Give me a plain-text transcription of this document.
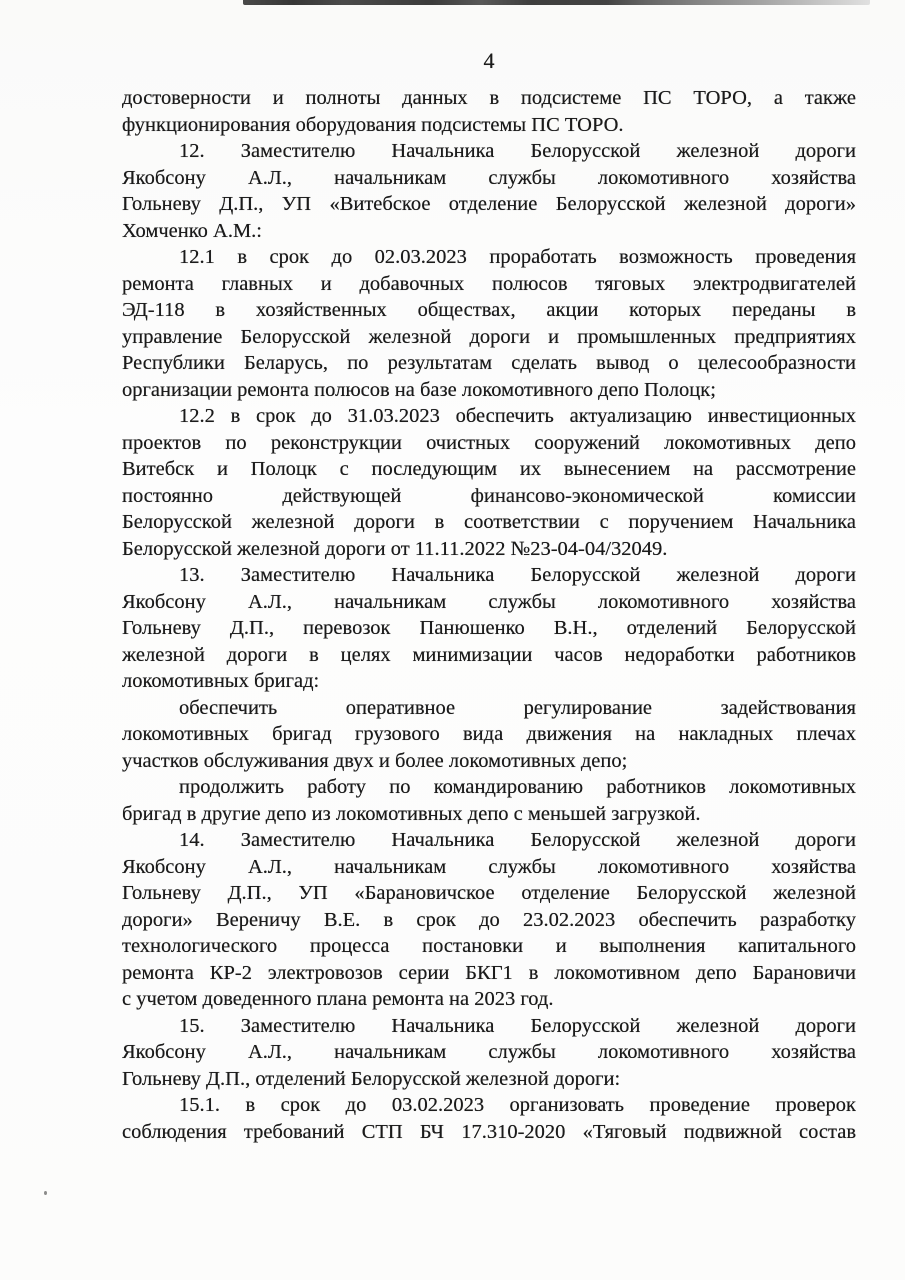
4
достоверности и полноты данных в подсистеме ПС ТОРО, а также
функционирования оборудования подсистемы ПС ТОРО.
12. Заместителю Начальника Белорусской железной дороги
Якобсону А.Л., начальникам службы локомотивного хозяйства
Гольневу Д.П., УП «Витебское отделение Белорусской железной дороги»
Хомченко А.М.:
12.1 в срок до 02.03.2023 проработать возможность проведения
ремонта главных и добавочных полюсов тяговых электродвигателей
ЭД-118 в хозяйственных обществах, акции которых переданы в
управление Белорусской железной дороги и промышленных предприятиях
Республики Беларусь, по результатам сделать вывод о целесообразности
организации ремонта полюсов на базе локомотивного депо Полоцк;
12.2 в срок до 31.03.2023 обеспечить актуализацию инвестиционных
проектов по реконструкции очистных сооружений локомотивных депо
Витебск и Полоцк с последующим их вынесением на рассмотрение
постоянно действующей финансово-экономической комиссии
Белорусской железной дороги в соответствии с поручением Начальника
Белорусской железной дороги от 11.11.2022 №23-04-04/32049.
13. Заместителю Начальника Белорусской железной дороги
Якобсону А.Л., начальникам службы локомотивного хозяйства
Гольневу Д.П., перевозок Панюшенко В.Н., отделений Белорусской
железной дороги в целях минимизации часов недоработки работников
локомотивных бригад:
обеспечить оперативное регулирование задействования
локомотивных бригад грузового вида движения на накладных плечах
участков обслуживания двух и более локомотивных депо;
продолжить работу по командированию работников локомотивных
бригад в другие депо из локомотивных депо с меньшей загрузкой.
14. Заместителю Начальника Белорусской железной дороги
Якобсону А.Л., начальникам службы локомотивного хозяйства
Гольневу Д.П., УП «Барановичское отделение Белорусской железной
дороги» Вереничу В.Е. в срок до 23.02.2023 обеспечить разработку
технологического процесса постановки и выполнения капитального
ремонта КР-2 электровозов серии БКГ1 в локомотивном депо Барановичи
с учетом доведенного плана ремонта на 2023 год.
15. Заместителю Начальника Белорусской железной дороги
Якобсону А.Л., начальникам службы локомотивного хозяйства
Гольневу Д.П., отделений Белорусской железной дороги:
15.1. в срок до 03.02.2023 организовать проведение проверок
соблюдения требований СТП БЧ 17.310-2020 «Тяговый подвижной состав
